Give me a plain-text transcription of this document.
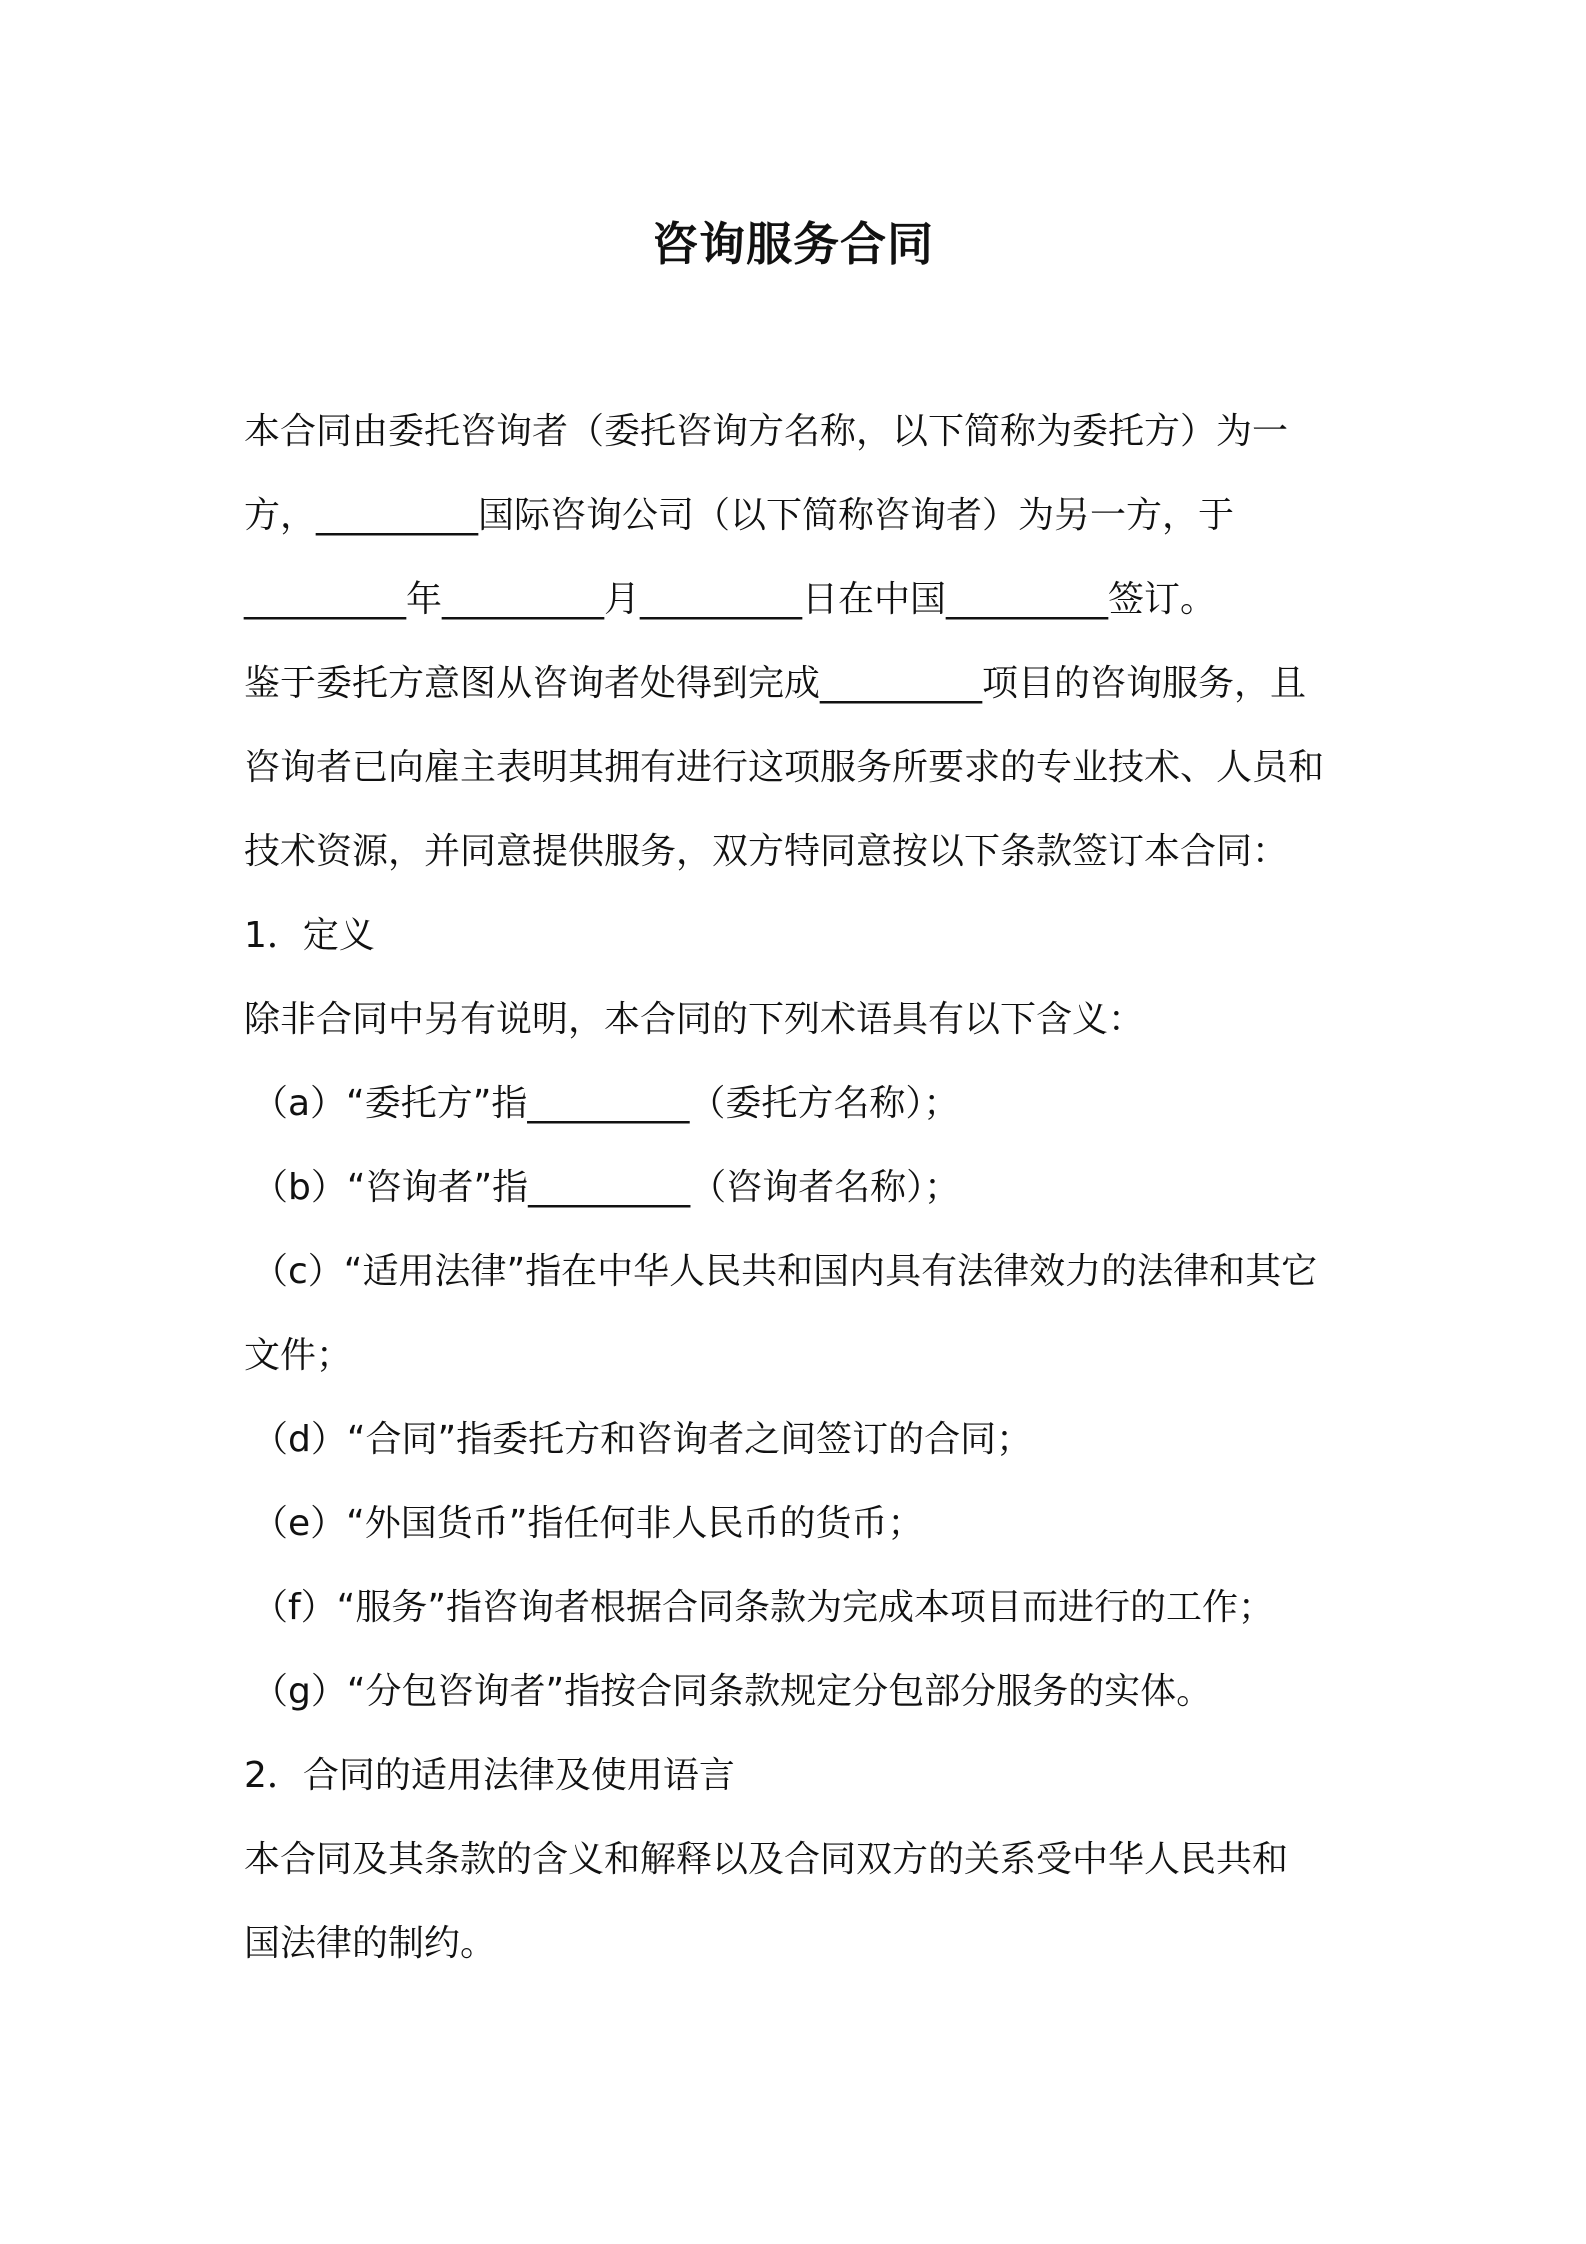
咨询服务合同
本合同由委托咨询者（委托咨询方名称，以下简称为委托方）为一
方，_________国际咨询公司（以下简称咨询者）为另一方，于
_________年_________月_________日在中国_________签订。
鉴于委托方意图从咨询者处得到完成_________项目的咨询服务，且
咨询者已向雇主表明其拥有进行这项服务所要求的专业技术、人员和
技术资源，并同意提供服务，双方特同意按以下条款签订本合同：
1．定义
除非合同中另有说明，本合同的下列术语具有以下含义：
（a）“委托方”指_________（委托方名称）；
（b）“咨询者”指_________（咨询者名称）；
（c）“适用法律”指在中华人民共和国内具有法律效力的法律和其它
文件；
（d）“合同”指委托方和咨询者之间签订的合同；
（e）“外国货币”指任何非人民币的货币；
（f）“服务”指咨询者根据合同条款为完成本项目而进行的工作；
（g）“分包咨询者”指按合同条款规定分包部分服务的实体。
2．合同的适用法律及使用语言
本合同及其条款的含义和解释以及合同双方的关系受中华人民共和
国法律的制约。
